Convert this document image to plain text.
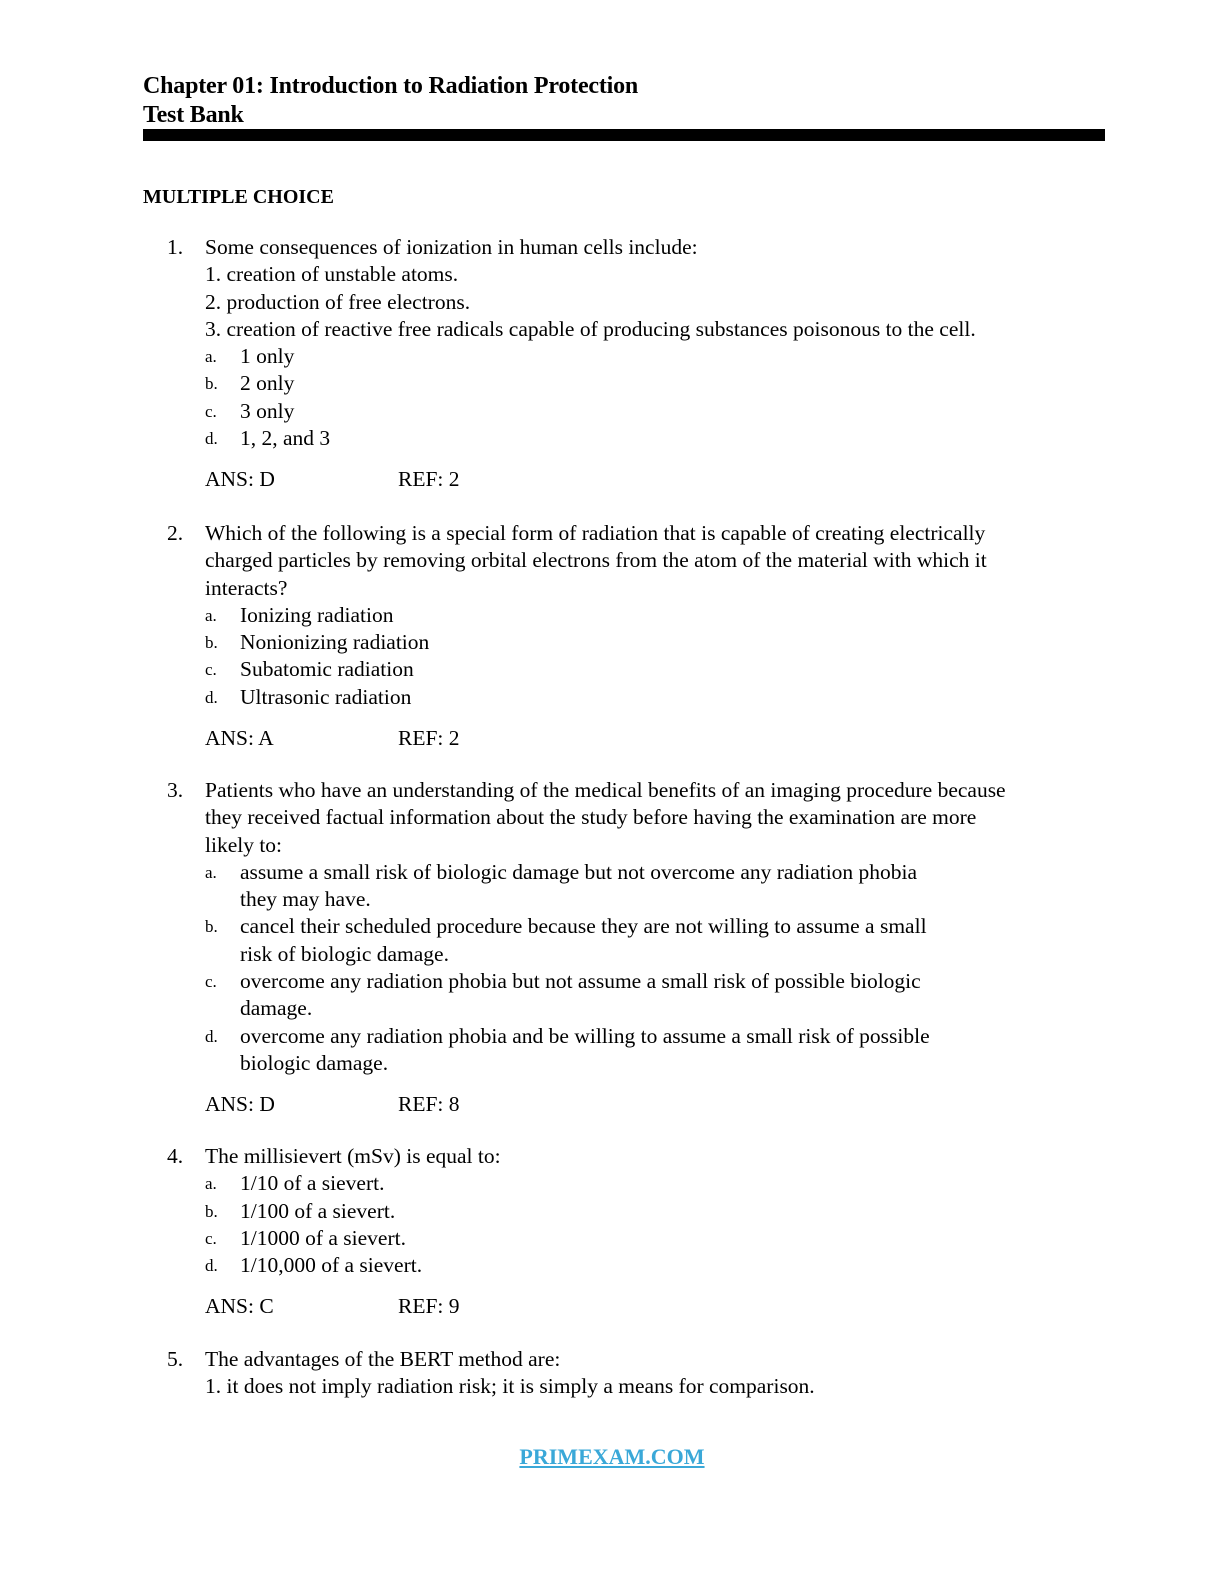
Chapter 01: Introduction to Radiation Protection
Test Bank
MULTIPLE CHOICE
1. Some consequences of ionization in human cells include:
1. creation of unstable atoms.
2. production of free electrons.
3. creation of reactive free radicals capable of producing substances poisonous to the cell.
a. 1 only
b. 2 only
c. 3 only
d. 1, 2, and 3
ANS: D	REF: 2
2. Which of the following is a special form of radiation that is capable of creating electrically
charged particles by removing orbital electrons from the atom of the material with which it
interacts?
a. Ionizing radiation
b. Nonionizing radiation
c. Subatomic radiation
d. Ultrasonic radiation
ANS: A	REF: 2
3. Patients who have an understanding of the medical benefits of an imaging procedure because
they received factual information about the study before having the examination are more
likely to:
a. assume a small risk of biologic damage but not overcome any radiation phobia
they may have.
b. cancel their scheduled procedure because they are not willing to assume a small
risk of biologic damage.
c. overcome any radiation phobia but not assume a small risk of possible biologic
damage.
d. overcome any radiation phobia and be willing to assume a small risk of possible
biologic damage.
ANS: D	REF: 8
4. The millisievert (mSv) is equal to:
a. 1/10 of a sievert.
b. 1/100 of a sievert.
c. 1/1000 of a sievert.
d. 1/10,000 of a sievert.
ANS: C	REF: 9
5. The advantages of the BERT method are:
1. it does not imply radiation risk; it is simply a means for comparison.
PRIMEXAM.COM
